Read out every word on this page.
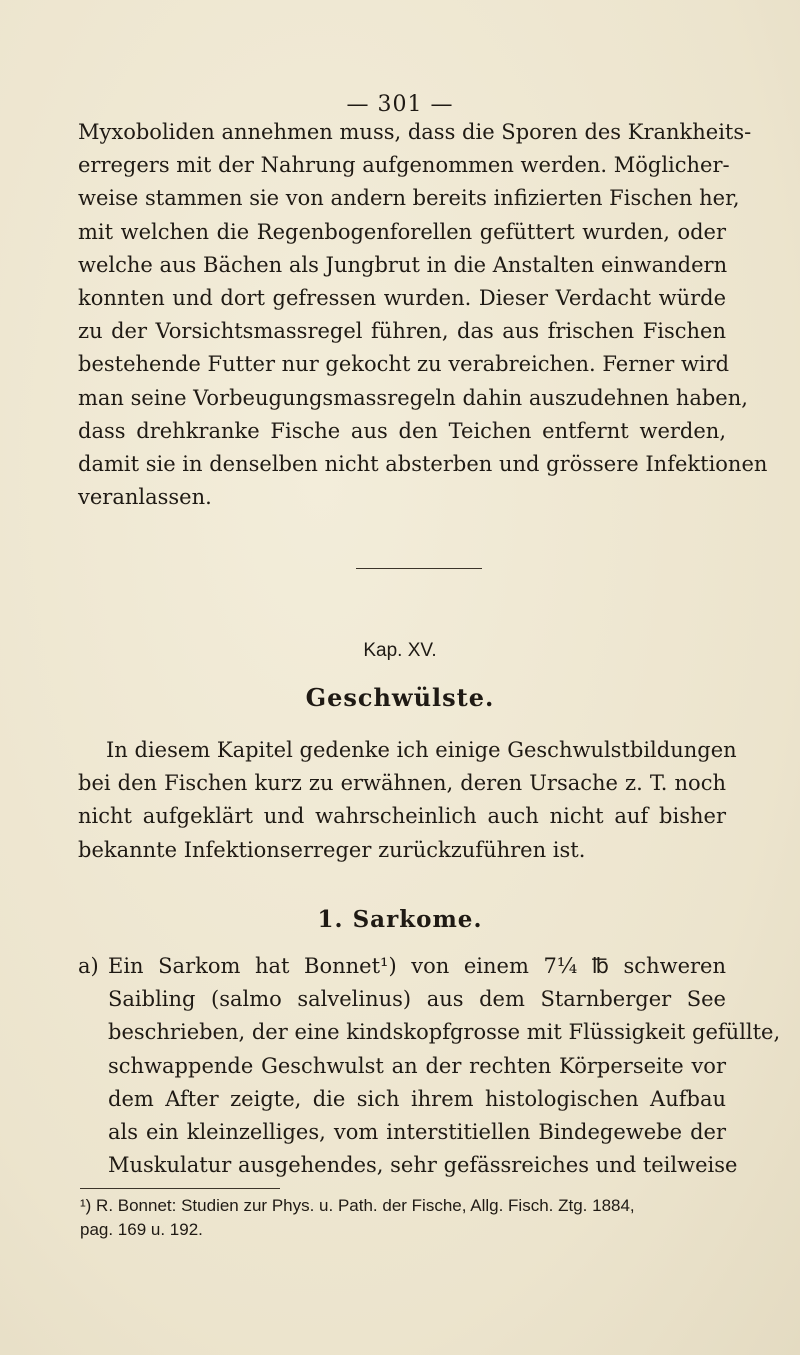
— 301 —
Myxoboliden annehmen muss, dass die Sporen des Krankheits-
erregers mit der Nahrung aufgenommen werden. Möglicher-
weise stammen sie von andern bereits infizierten Fischen her,
mit welchen die Regenbogenforellen gefüttert wurden, oder
welche aus Bächen als Jungbrut in die Anstalten einwandern
konnten und dort gefressen wurden. Dieser Verdacht würde
zu der Vorsichtsmassregel führen, das aus frischen Fischen
bestehende Futter nur gekocht zu verabreichen. Ferner wird
man seine Vorbeugungsmassregeln dahin auszudehnen haben,
dass drehkranke Fische aus den Teichen entfernt werden,
damit sie in denselben nicht absterben und grössere Infektionen
veranlassen.
Kap. XV.
Geschwülste.
In diesem Kapitel gedenke ich einige Geschwulstbildungen
bei den Fischen kurz zu erwähnen, deren Ursache z. T. noch
nicht aufgeklärt und wahrscheinlich auch nicht auf bisher
bekannte Infektionserreger zurückzuführen ist.
1. Sarkome.
a) Ein Sarkom hat Bonnet¹) von einem 7¼ ℔ schweren
Saibling (salmo salvelinus) aus dem Starnberger See
beschrieben, der eine kindskopfgrosse mit Flüssigkeit gefüllte,
schwappende Geschwulst an der rechten Körperseite vor
dem After zeigte, die sich ihrem histologischen Aufbau
als ein kleinzelliges, vom interstitiellen Bindegewebe der
Muskulatur ausgehendes, sehr gefässreiches und teilweise
¹) R. Bonnet: Studien zur Phys. u. Path. der Fische, Allg. Fisch. Ztg. 1884,
pag. 169 u. 192.
